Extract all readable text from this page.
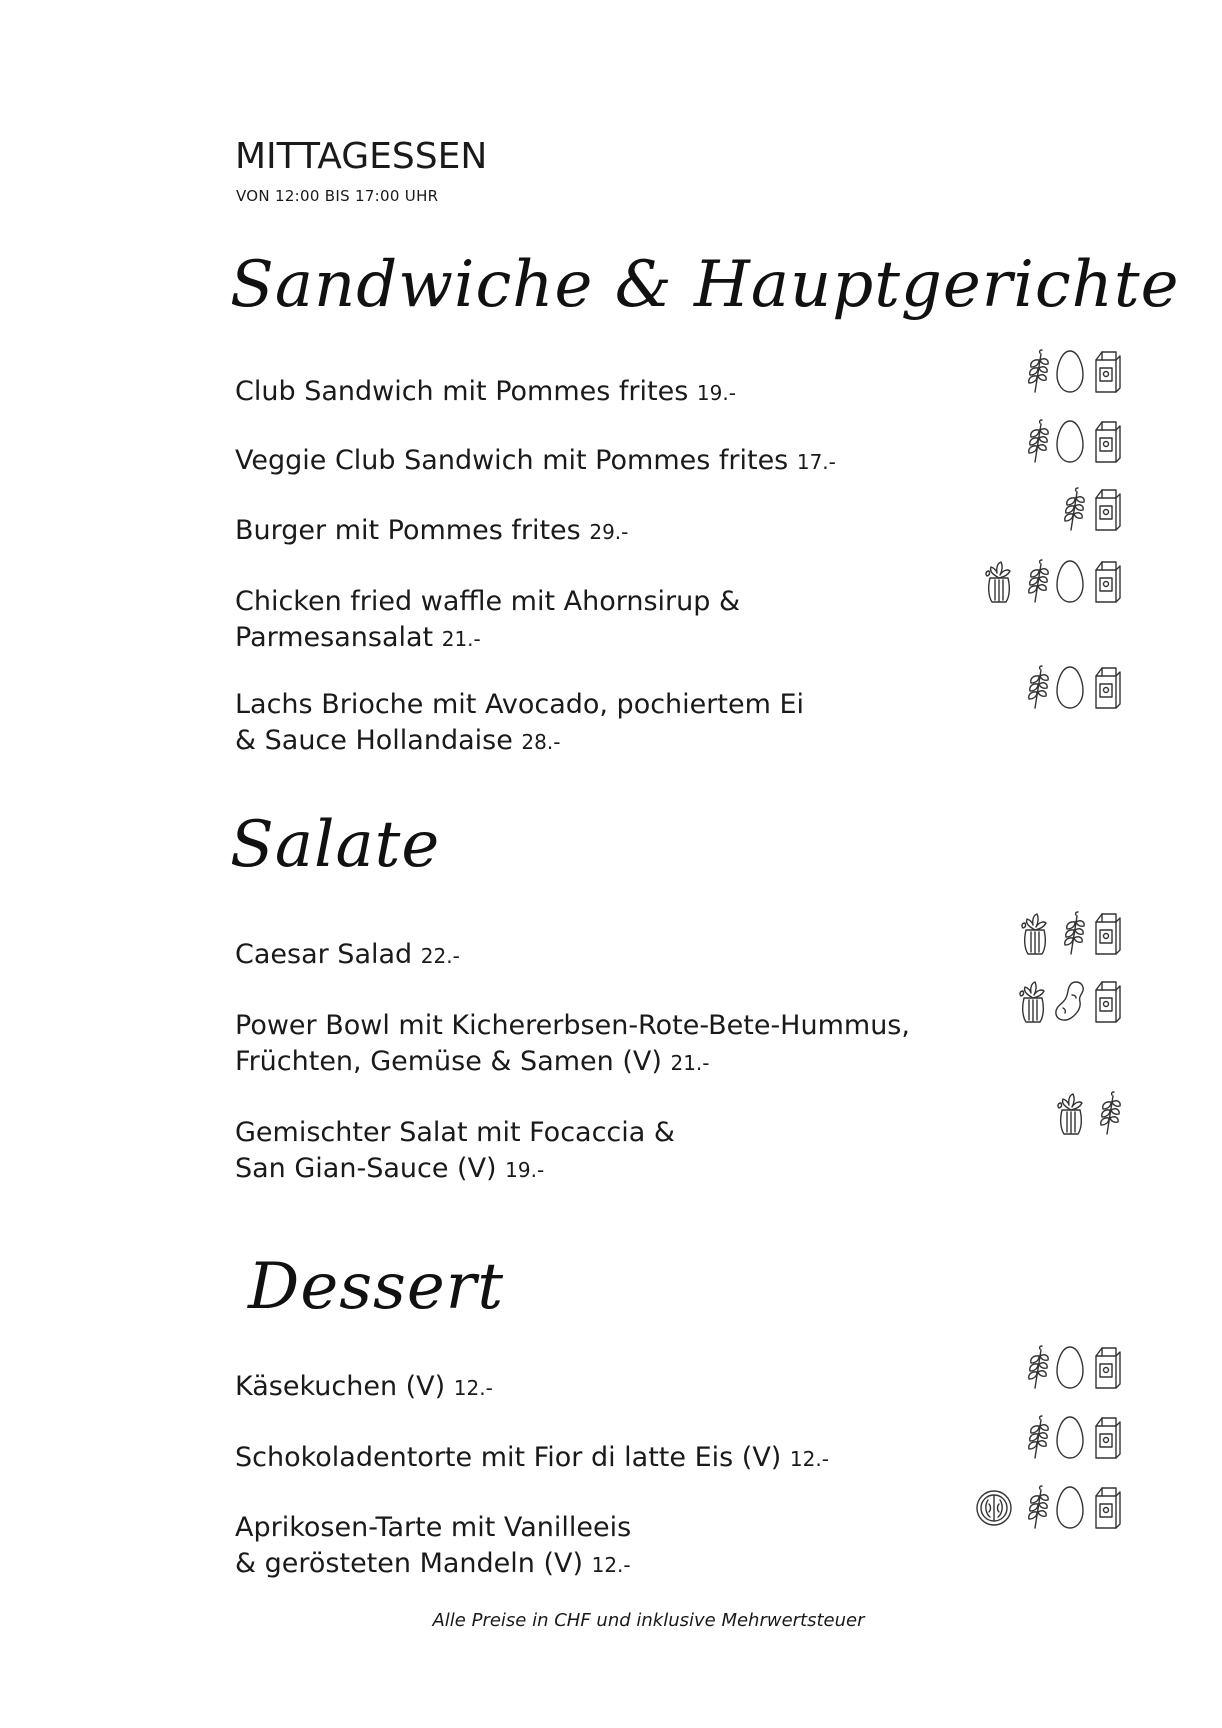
MITTAGESSEN
VON 12:00 BIS 17:00 UHR
Sandwiche & Hauptgerichte
Salate
Dessert
Club Sandwich mit Pommes frites 19.-
Veggie Club Sandwich mit Pommes frites 17.-
Burger mit Pommes frites 29.-
Chicken fried waffle mit Ahornsirup &
Parmesansalat 21.-
Lachs Brioche mit Avocado, pochiertem Ei
& Sauce Hollandaise 28.-
Caesar Salad 22.-
Power Bowl mit Kichererbsen-Rote-Bete-Hummus,
Früchten, Gemüse & Samen (V) 21.-
Gemischter Salat mit Focaccia &
San Gian-Sauce (V) 19.-
Käsekuchen (V) 12.-
Schokoladentorte mit Fior di latte Eis (V) 12.-
Aprikosen-Tarte mit Vanilleeis
& gerösteten Mandeln (V) 12.-
Alle Preise in CHF und inklusive Mehrwertsteuer
